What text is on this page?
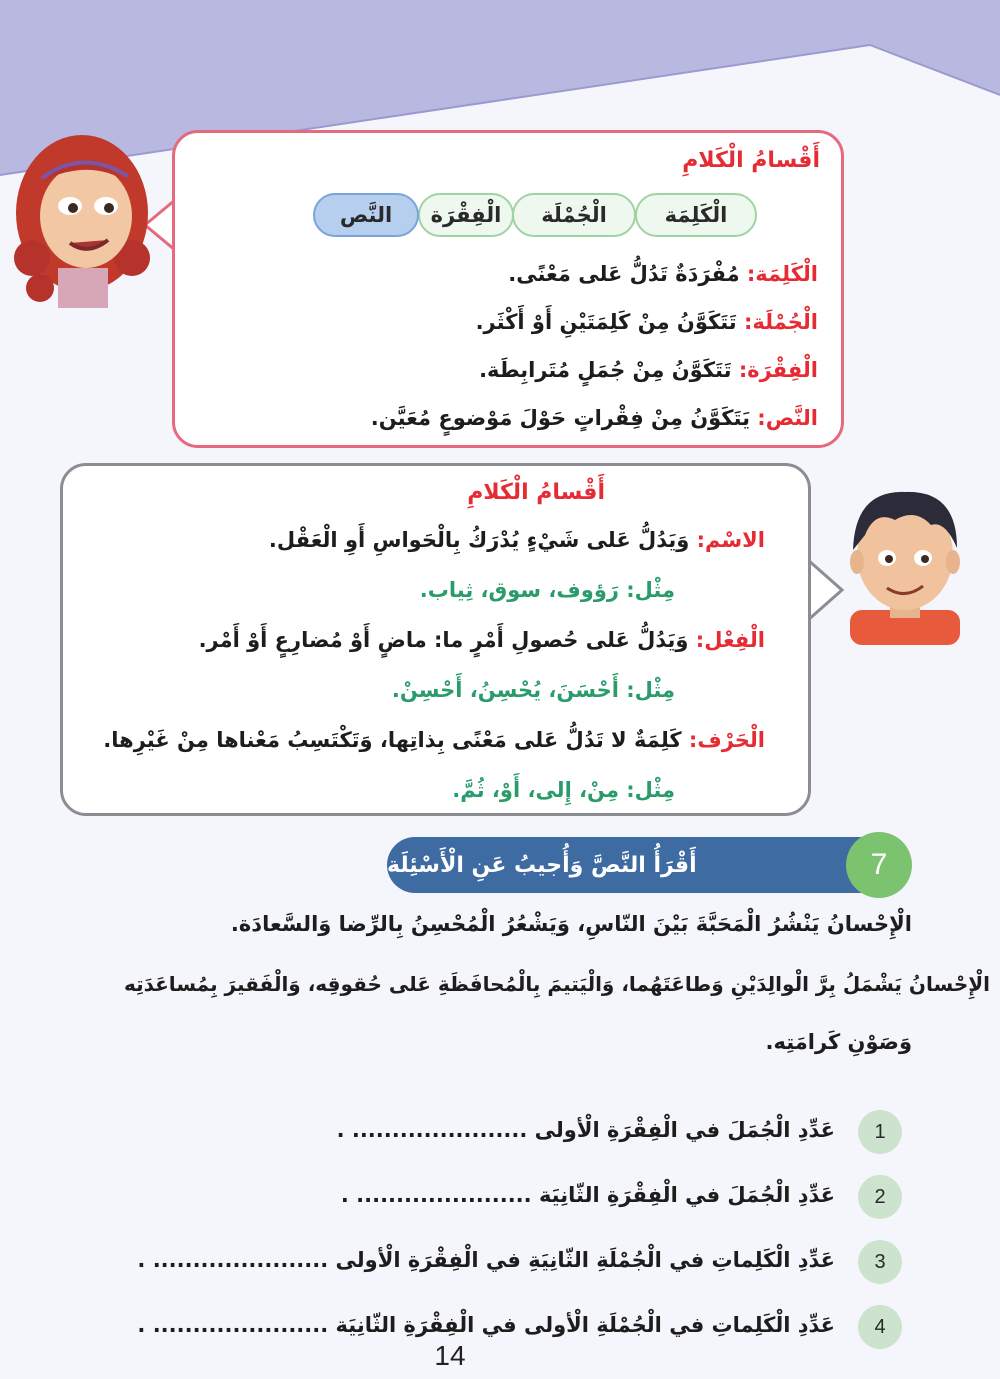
أَقْسامُ الْكَلامِ
الْكَلِمَة
الْجُمْلَة
الْفِقْرَة
النَّص
الْكَلِمَة: مُفْرَدَةٌ تَدُلُّ عَلى مَعْنًى.
الْجُمْلَة: تَتَكَوَّنُ مِنْ كَلِمَتَيْنِ أَوْ أَكْثَر.
الْفِقْرَة: تَتَكَوَّنُ مِنْ جُمَلٍ مُتَرابِطَة.
النَّص: يَتَكَوَّنُ مِنْ فِقْراتٍ حَوْلَ مَوْضوعٍ مُعَيَّن.
أَقْسامُ الْكَلامِ
الاسْم: وَيَدُلُّ عَلى شَيْءٍ يُدْرَكُ بِالْحَواسِ أَوِ الْعَقْل.
مِثْل: رَؤوف، سوق، ثِياب.
الْفِعْل: وَيَدُلُّ عَلى حُصولِ أَمْرٍ ما: ماضٍ أَوْ مُضارِعٍ أَوْ أَمْر.
مِثْل: أَحْسَنَ، يُحْسِنُ، أَحْسِنْ.
الْحَرْف: كَلِمَةٌ لا تَدُلُّ عَلى مَعْنًى بِذاتِها، وَتَكْتَسِبُ مَعْناها مِنْ غَيْرِها.
مِثْل: مِنْ، إِلى، أَوْ، ثُمَّ.
أَقْرَأُ النَّصَّ وَأُجيبُ عَنِ الْأَسْئِلَة	7
الْإِحْسانُ يَنْشُرُ الْمَحَبَّةَ بَيْنَ النّاسِ، وَيَشْعُرُ الْمُحْسِنُ بِالرِّضا وَالسَّعادَة.
الْإِحْسانُ يَشْمَلُ بِرَّ الْوالِدَيْنِ وَطاعَتَهُما، وَالْيَتيمَ بِالْمُحافَظَةِ عَلى حُقوقِه، وَالْفَقيرَ بِمُساعَدَتِه
وَصَوْنِ كَرامَتِه.
1
عَدِّدِ الْجُمَلَ في الْفِقْرَةِ الْأولى ...................... .
2
عَدِّدِ الْجُمَلَ في الْفِقْرَةِ الثّانِيَة ...................... .
3
عَدِّدِ الْكَلِماتِ في الْجُمْلَةِ الثّانِيَةِ في الْفِقْرَةِ الْأولى ...................... .
4
عَدِّدِ الْكَلِماتِ في الْجُمْلَةِ الْأولى في الْفِقْرَةِ الثّانِيَة ...................... .
14
